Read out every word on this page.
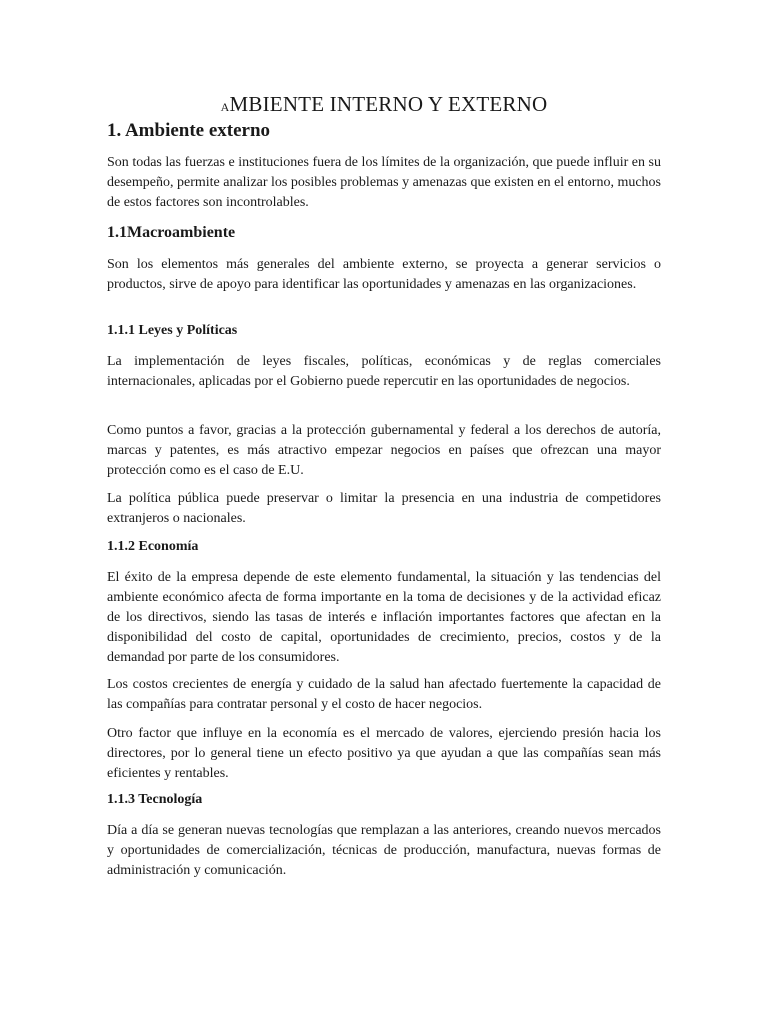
AMBIENTE INTERNO Y EXTERNO
1. Ambiente externo

Son todas las fuerzas e instituciones fuera de los límites de la organización, que puede influir en su desempeño, permite analizar los posibles problemas y amenazas que existen en el entorno, muchos de estos factores son incontrolables.

1.1Macroambiente

Son los elementos más generales del ambiente externo, se proyecta a generar servicios o productos, sirve de apoyo para identificar las oportunidades y amenazas en las organizaciones.

1.1.1 Leyes y Políticas

La implementación de leyes fiscales, políticas, económicas y de reglas comerciales internacionales, aplicadas por el Gobierno puede repercutir en las oportunidades de negocios.

Como puntos a favor, gracias a la protección gubernamental y federal a los derechos de autoría, marcas y patentes, es más atractivo empezar negocios en países que ofrezcan una mayor protección como es el caso de E.U.

La política pública puede preservar o limitar la presencia en una industria de competidores extranjeros o nacionales.

1.1.2 Economía

El éxito de la empresa depende de este elemento fundamental, la situación y las tendencias del ambiente económico afecta de forma importante en la toma de decisiones y de la actividad eficaz de los directivos, siendo las tasas de interés e inflación importantes factores que afectan en la disponibilidad del costo de capital, oportunidades de crecimiento, precios, costos y de la demandad por parte de los consumidores.

Los costos crecientes de energía y cuidado de la salud han afectado fuertemente la capacidad de las compañías para contratar personal y el costo de hacer negocios.

Otro factor que influye en la economía es el mercado de valores, ejerciendo presión hacia los directores, por lo general tiene un efecto positivo ya que ayudan a que las compañías sean más eficientes y rentables.

1.1.3 Tecnología

Día a día se generan nuevas tecnologías que remplazan a las anteriores, creando nuevos mercados y oportunidades de comercialización, técnicas de producción, manufactura, nuevas formas de administración y comunicación.
